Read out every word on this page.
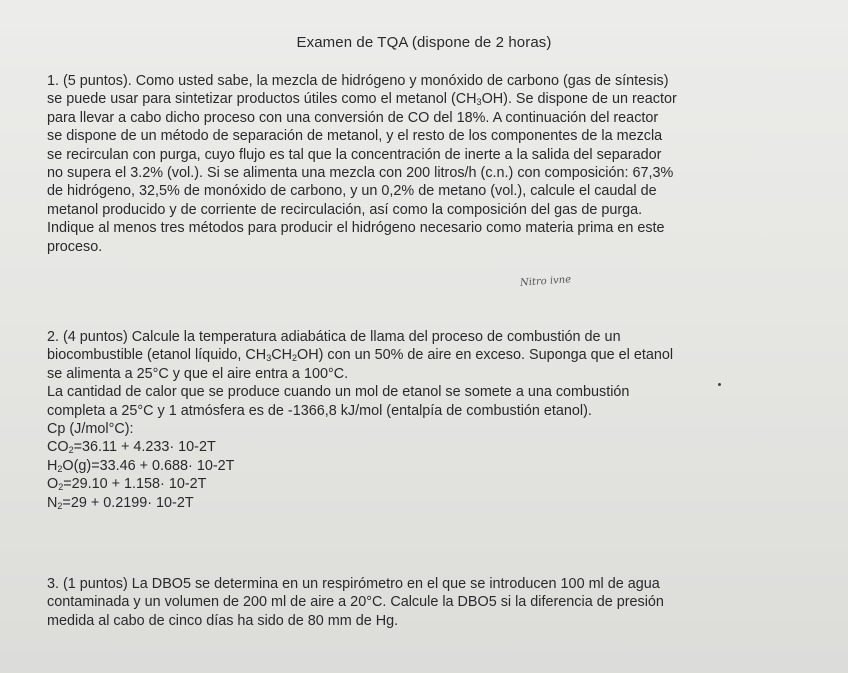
Examen de TQA (dispone de 2 horas)
1. (5 puntos). Como usted sabe, la mezcla de hidrógeno y monóxido de carbono (gas de síntesis)
se puede usar para sintetizar productos útiles como el metanol $(CH_3OH)$. Se dispone de un reactor
para llevar a cabo dicho proceso con una conversión de CO del 18%. A continuación del reactor
se dispone de un método de separación de metanol, y el resto de los componentes de la mezcla
se recirculan con purga, cuyo flujo es tal que la concentración de inerte a la salida del separador
no supera el 3.2% (vol.). Si se alimenta una mezcla con 200 litros/h (c.n.) con composición: 67,3%
de hidrógeno, 32,5% de monóxido de carbono, y un 0,2% de metano (vol.), calcule el caudal de
metanol producido y de corriente de recirculación, así como la composición del gas de purga.
Indique al menos tres métodos para producir el hidrógeno necesario como materia prima en este
proceso.
Nitro ivne
2. (4 puntos) Calcule la temperatura adiabática de llama del proceso de combustión de un
biocombustible (etanol líquido, $CH_3CH_2OH$) con un 50% de aire en exceso. Suponga que el etanol
se alimenta a 25°C y que el aire entra a 100°C.
La cantidad de calor que se produce cuando un mol de etanol se somete a una combustión
completa a 25°C y 1 atmósfera es de -1366,8 kJ/mol (entalpía de combustión etanol).
Cp (J/mol°C):
$CO_2=36.11 + 4.233\cdot 10-2T$
$H_2O(g)=33.46 + 0.688\cdot 10-2T$
$O_2=29.10 + 1.158\cdot 10-2T$
$N_2=29 + 0.2199\cdot 10-2T$
3. (1 puntos) La DBO5 se determina en un respirómetro en el que se introducen 100 ml de agua
contaminada y un volumen de 200 ml de aire a 20°C. Calcule la DBO5 si la diferencia de presión
medida al cabo de cinco días ha sido de 80 mm de Hg.
